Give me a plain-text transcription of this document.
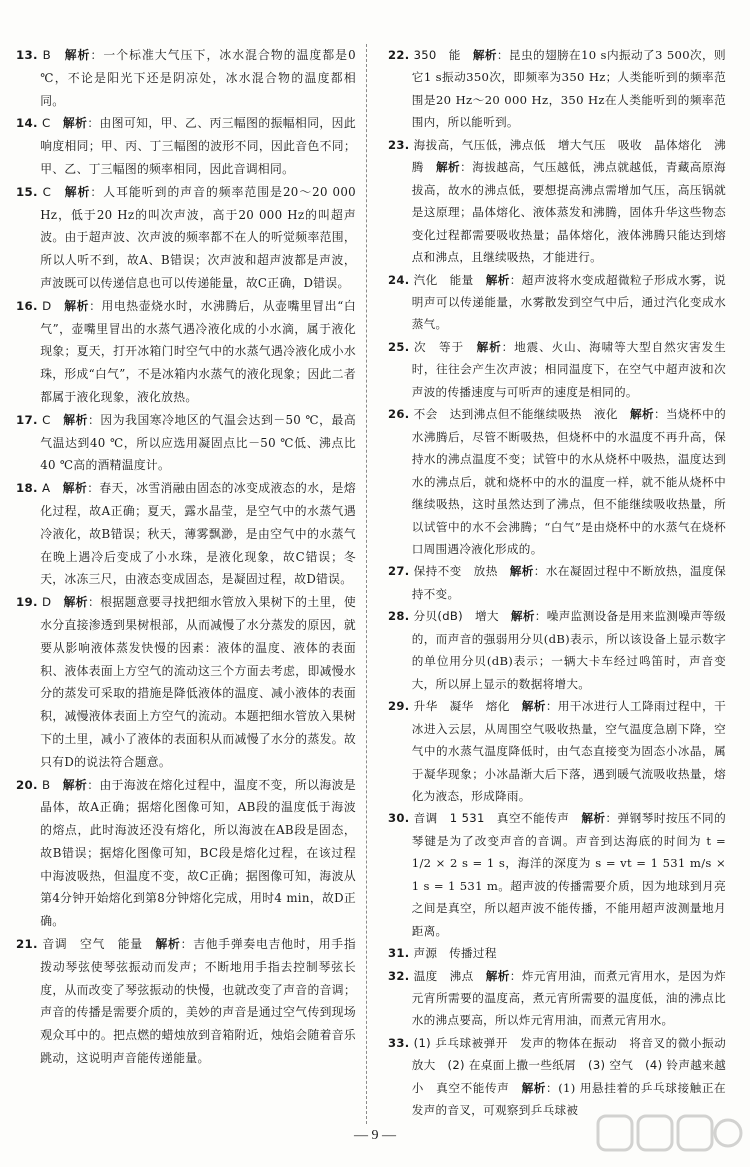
13. B　 解析：一个标准大气压下，冰水混合物的温度都是0 ℃，不论是阳光下还是阴凉处，冰水混合物的温度都相同。
14. C　 解析：由图可知，甲、乙、丙三幅图的振幅相同，因此响度相同；甲、丙、丁三幅图的波形不同，因此音色不同；甲、乙、丁三幅图的频率相同，因此音调相同。
15. C　 解析：人耳能听到的声音的频率范围是20～20 000 Hz，低于20 Hz的叫次声波，高于20 000 Hz的叫超声波。由于超声波、次声波的频率都不在人的听觉频率范围，所以人听不到，故A、B错误；次声波和超声波都是声波，声波既可以传递信息也可以传递能量，故C正确，D错误。
16. D　 解析：用电热壶烧水时，水沸腾后，从壶嘴里冒出“白气”，壶嘴里冒出的水蒸气遇冷液化成的小水滴，属于液化现象；夏天，打开冰箱门时空气中的水蒸气遇冷液化成小水珠，形成“白气”，不是冰箱内水蒸气的液化现象；因此二者都属于液化现象，液化放热。
17. C　 解析：因为我国寒冷地区的气温会达到－50 ℃，最高气温达到40 ℃，所以应选用凝固点比－50 ℃低、沸点比40 ℃高的酒精温度计。
18. A　 解析：春天，冰雪消融由固态的冰变成液态的水，是熔化过程，故A正确；夏天，露水晶莹，是空气中的水蒸气遇冷液化，故B错误；秋天，薄雾飘渺，是由空气中的水蒸气在晚上遇冷后变成了小水珠，是液化现象，故C错误；冬天，冰冻三尺，由液态变成固态，是凝固过程，故D错误。
19. D　 解析：根据题意要寻找把细水管放入果树下的土里，使水分直接渗透到果树根部，从而减慢了水分蒸发的原因，就要从影响液体蒸发快慢的因素：液体的温度、液体的表面积、液体表面上方空气的流动这三个方面去考虑，即减慢水分的蒸发可采取的措施是降低液体的温度、减小液体的表面积，减慢液体表面上方空气的流动。本题把细水管放入果树下的土里，减小了液体的表面积从而减慢了水分的蒸发。故只有D的说法符合题意。
20. B　 解析：由于海波在熔化过程中，温度不变，所以海波是晶体，故A正确；据熔化图像可知，AB段的温度低于海波的熔点，此时海波还没有熔化，所以海波在AB段是固态，故B错误；据熔化图像可知，BC段是熔化过程，在该过程中海波吸热，但温度不变，故C正确；据图像可知，海波从第4分钟开始熔化到第8分钟熔化完成，用时4 min，故D正确。
21. 音调　空气　能量　 解析：吉他手弹奏电吉他时，用手指拨动琴弦使琴弦振动而发声；不断地用手指去控制琴弦长度，从而改变了琴弦振动的快慢，也就改变了声音的音调；声音的传播是需要介质的，美妙的声音是通过空气传到现场观众耳中的。把点燃的蜡烛放到音箱附近，烛焰会随着音乐跳动，这说明声音能传递能量。
22. 350　能　 解析：昆虫的翅膀在10 s内振动了3 500次，则它1 s振动350次，即频率为350 Hz；人类能听到的频率范围是20 Hz～20 000 Hz，350 Hz在人类能听到的频率范围内，所以能听到。
23. 海拔高，气压低，沸点低　增大气压　吸收　晶体熔化　沸腾　 解析：海拔越高，气压越低，沸点就越低，青藏高原海拔高，故水的沸点低，要想提高沸点需增加气压，高压锅就是这原理；晶体熔化、液体蒸发和沸腾，固体升华这些物态变化过程都需要吸收热量；晶体熔化，液体沸腾只能达到熔点和沸点，且继续吸热，才能进行。
24. 汽化　能量　 解析：超声波将水变成超微粒子形成水雾，说明声可以传递能量，水雾散发到空气中后，通过汽化变成水蒸气。
25. 次　等于　 解析：地震、火山、海啸等大型自然灾害发生时，往往会产生次声波；相同温度下，在空气中超声波和次声波的传播速度与可听声的速度是相同的。
26. 不会　达到沸点但不能继续吸热　液化　 解析：当烧杯中的水沸腾后，尽管不断吸热，但烧杯中的水温度不再升高，保持水的沸点温度不变；试管中的水从烧杯中吸热，温度达到水的沸点后，就和烧杯中的水的温度一样，就不能从烧杯中继续吸热，这时虽然达到了沸点，但不能继续吸收热量，所以试管中的水不会沸腾；“白气”是由烧杯中的水蒸气在烧杯口周围遇冷液化形成的。
27. 保持不变　放热　 解析：水在凝固过程中不断放热，温度保持不变。
28. 分贝(dB)　增大　 解析：噪声监测设备是用来监测噪声等级的，而声音的强弱用分贝(dB)表示，所以该设备上显示数字的单位用分贝(dB)表示；一辆大卡车经过鸣笛时，声音变大，所以屏上显示的数据将增大。
29. 升华　凝华　熔化　 解析：用干冰进行人工降雨过程中，干冰进入云层，从周围空气吸收热量，空气温度急剧下降，空气中的水蒸气温度降低时，由气态直接变为固态小冰晶，属于凝华现象；小冰晶渐大后下落，遇到暖气流吸收热量，熔化为液态，形成降雨。
30. 音调　1 531　真空不能传声　 解析：弹钢琴时按压不同的琴键是为了改变声音的音调。声音到达海底的时间为 t = 1/2 × 2 s = 1 s，海洋的深度为 s = vt = 1 531 m/s × 1 s = 1 531 m。超声波的传播需要介质，因为地球到月亮之间是真空，所以超声波不能传播，不能用超声波测量地月距离。
31. 声源　传播过程
32. 温度　沸点　 解析：炸元宵用油，而煮元宵用水，是因为炸元宵所需要的温度高，煮元宵所需要的温度低，油的沸点比水的沸点要高，所以炸元宵用油，而煮元宵用水。
33. (1) 乒乓球被弹开　发声的物体在振动　将音叉的微小振动放大　(2) 在桌面上撒一些纸屑　(3) 空气　(4) 铃声越来越小　真空不能传声　 解析：(1) 用悬挂着的乒乓球接触正在发声的音叉，可观察到乒乓球被
— 9 —
